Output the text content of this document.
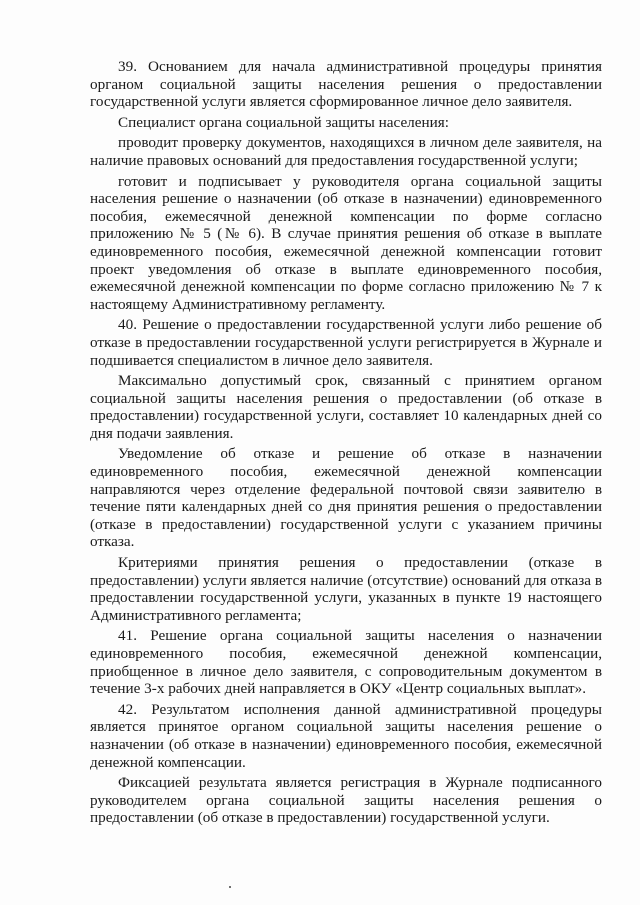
39. Основанием для начала административной процедуры принятия органом социальной защиты населения решения о предоставлении государственной услуги является сформированное личное дело заявителя.

Специалист органа социальной защиты населения:

проводит проверку документов, находящихся в личном деле заявителя, на наличие правовых оснований для предоставления государственной услуги;

готовит и подписывает у руководителя органа социальной защиты населения решение о назначении (об отказе в назначении) единовременного пособия, ежемесячной денежной компенсации по форме согласно приложению № 5 (№ 6). В случае принятия решения об отказе в выплате единовременного пособия, ежемесячной денежной компенсации готовит проект уведомления об отказе в выплате единовременного пособия, ежемесячной денежной компенсации по форме согласно приложению № 7 к настоящему Административному регламенту.

40. Решение о предоставлении государственной услуги либо решение об отказе в предоставлении государственной услуги регистрируется в Журнале и подшивается специалистом в личное дело заявителя.

Максимально допустимый срок, связанный с принятием органом социальной защиты населения решения о предоставлении (об отказе в предоставлении) государственной услуги, составляет 10 календарных дней со дня подачи заявления.

Уведомление об отказе и решение об отказе в назначении единовременного пособия, ежемесячной денежной компенсации направляются через отделение федеральной почтовой связи заявителю в течение пяти календарных дней со дня принятия решения о предоставлении (отказе в предоставлении) государственной услуги с указанием причины отказа.

Критериями принятия решения о предоставлении (отказе в предоставлении) услуги является наличие (отсутствие) оснований для отказа в предоставлении государственной услуги, указанных в пункте 19 настоящего Административного регламента;

41. Решение органа социальной защиты населения о назначении единовременного пособия, ежемесячной денежной компенсации, приобщенное в личное дело заявителя, с сопроводительным документом в течение 3-х рабочих дней направляется в ОКУ «Центр социальных выплат».

42. Результатом исполнения данной административной процедуры является принятое органом социальной защиты населения решение о назначении (об отказе в назначении) единовременного пособия, ежемесячной денежной компенсации.

Фиксацией результата является регистрация в Журнале подписанного руководителем органа социальной защиты населения решения о предоставлении (об отказе в предоставлении) государственной услуги.
